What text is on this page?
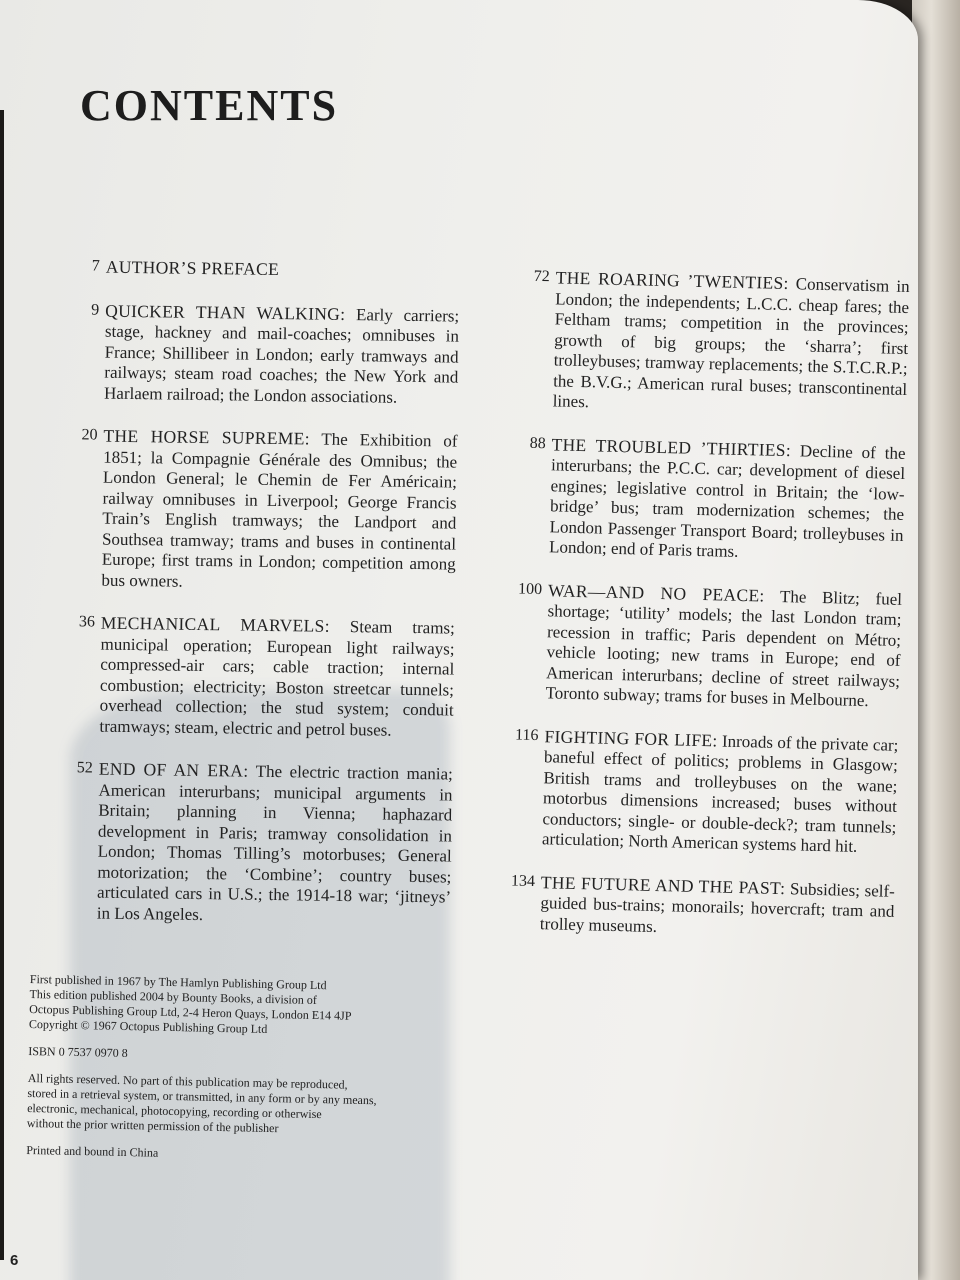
CONTENTS
7 AUTHOR’S PREFACE
9 QUICKER THAN WALKING: Early carriers; stage, hackney and mail-coaches; omnibuses in France; Shillibeer in London; early tramways and railways; steam road coaches; the New York and Harlaem railroad; the London associations.
20 THE HORSE SUPREME: The Exhibition of 1851; la Compagnie Générale des Omnibus; the London General; le Chemin de Fer Américain; railway omnibuses in Liverpool; George Francis Train’s English tramways; the Landport and Southsea tramway; trams and buses in continental Europe; first trams in London; competition among bus owners.
36 MECHANICAL MARVELS: Steam trams; municipal operation; European light railways; compressed-air cars; cable traction; internal combustion; electricity; Boston streetcar tunnels; overhead collection; the stud system; conduit tramways; steam, electric and petrol buses.
52 END OF AN ERA: The electric traction mania; American interurbans; municipal arguments in Britain; planning in Vienna; haphazard development in Paris; tramway consolidation in London; Thomas Tilling’s motorbuses; General motorization; the ‘Combine’; country buses; articulated cars in U.S.; the 1914-18 war; ‘jitneys’ in Los Angeles.
72 THE ROARING ’TWENTIES: Conservatism in London; the independents; L.C.C. cheap fares; the Feltham trams; competition in the provinces; growth of big groups; the ‘sharra’; first trolleybuses; tramway replacements; the S.T.C.R.P.; the B.V.G.; American rural buses; transcontinental lines.
88 THE TROUBLED ’THIRTIES: Decline of the interurbans; the P.C.C. car; development of diesel engines; legislative control in Britain; the ‘low-bridge’ bus; tram modernization schemes; the London Passenger Transport Board; trolleybuses in London; end of Paris trams.
100 WAR—AND NO PEACE: The Blitz; fuel shortage; ‘utility’ models; the last London tram; recession in traffic; Paris dependent on Métro; vehicle looting; new trams in Europe; end of American interurbans; decline of street railways; Toronto subway; trams for buses in Melbourne.
116 FIGHTING FOR LIFE: Inroads of the private car; baneful effect of politics; problems in Glasgow; British trams and trolleybuses on the wane; motorbus dimensions increased; buses without conductors; single- or double-deck?; tram tunnels; articulation; North American systems hard hit.
134 THE FUTURE AND THE PAST: Subsidies; self-guided bus-trains; monorails; hovercraft; tram and trolley museums.

First published in 1967 by The Hamlyn Publishing Group Ltd
This edition published 2004 by Bounty Books, a division of
Octopus Publishing Group Ltd, 2-4 Heron Quays, London E14 4JP
Copyright © 1967 Octopus Publishing Group Ltd

ISBN 0 7537 0970 8

All rights reserved. No part of this publication may be reproduced,
stored in a retrieval system, or transmitted, in any form or by any means,
electronic, mechanical, photocopying, recording or otherwise
without the prior written permission of the publisher

Printed and bound in China

6
